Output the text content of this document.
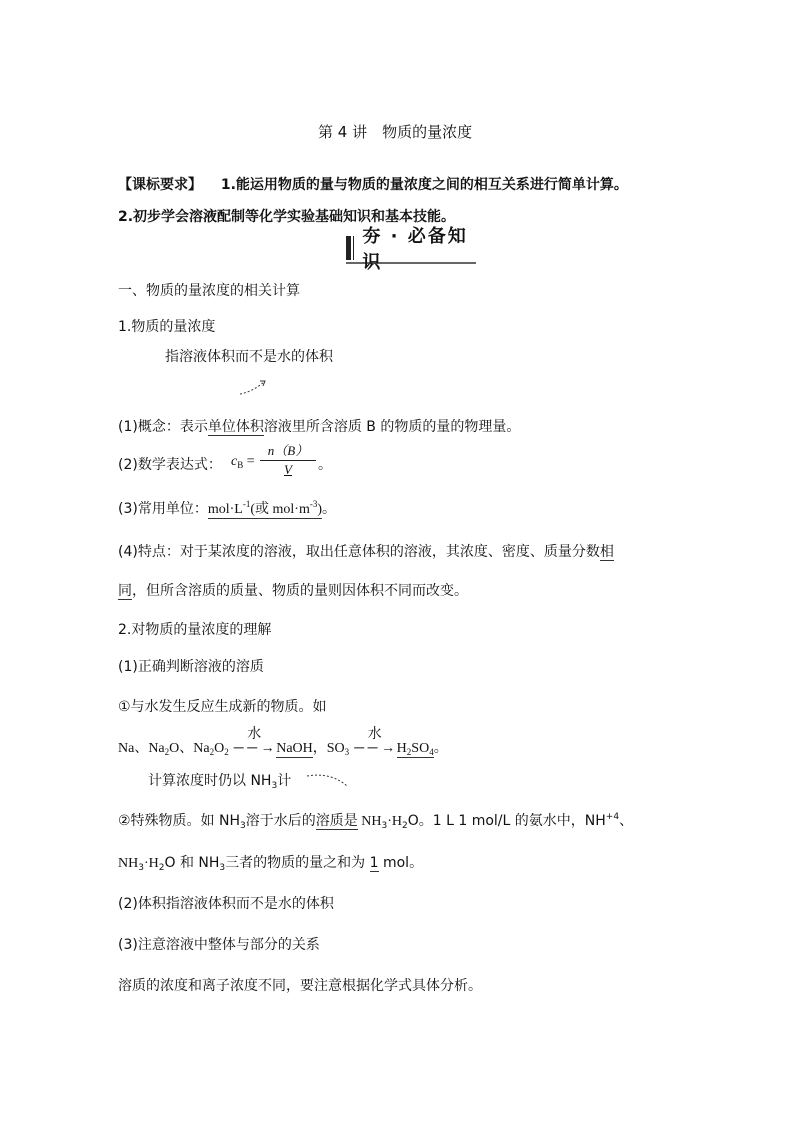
第 4 讲　物质的量浓度
【课标要求】 1.能运用物质的量与物质的量浓度之间的相互关系进行简单计算。
2.初步学会溶液配制等化学实验基础知识和基本技能。
夯 · 必备知识
一、物质的量浓度的相关计算
1.物质的量浓度
指溶液体积而不是水的体积
(1)概念：表示单位体积溶液里所含溶质 B 的物质的量的物理量。
(2)数学表达式： $c_B$ =
n（B）
V	。
(3)常用单位：$mol\cdot L^{-1}$(或 $mol\cdot m^{-3}$)。
(4)特点：对于某浓度的溶液，取出任意体积的溶液，其浓度、密度、质量分数相
同，但所含溶质的质量、物质的量则因体积不同而改变。
2.对物质的量浓度的理解
(1)正确判断溶液的溶质
①与水发生反应生成新的物质。如
Na、$Na_2O$、$Na_2O_2$
水
─ ─ → NaOH，$SO_3$
水
─ ─ → $H_2SO_4$。
计算浓度时仍以 $NH_3$计
②特殊物质。如 $NH_3$溶于水后的溶质是 $NH_3\cdot H_2O$。1 L 1 mol/L 的氨水中，$NH^{+4}$、
$NH_3\cdot H_2O$ 和 $NH_3$三者的物质的量之和为 1 mol。
(2)体积指溶液体积而不是水的体积
(3)注意溶液中整体与部分的关系
溶质的浓度和离子浓度不同，要注意根据化学式具体分析。
